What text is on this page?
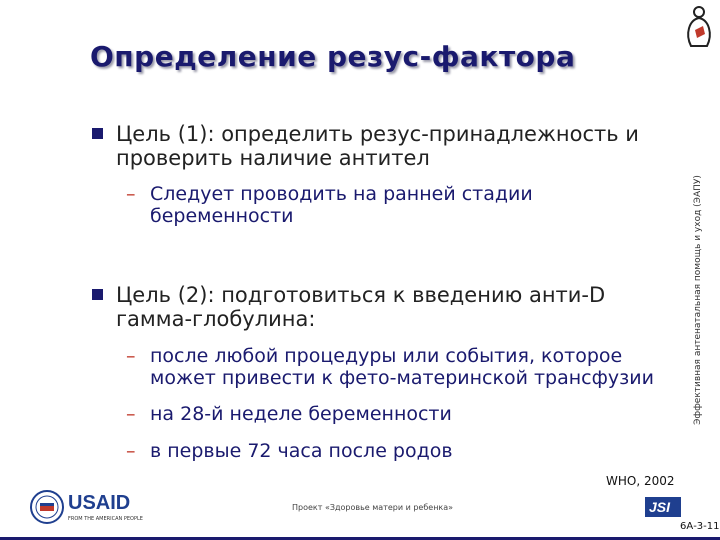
Определение резус-фактора
Цель (1): определить резус-принадлежность и
проверить наличие антител
– Следует проводить на ранней стадии
беременности
Цель (2): подготовиться к введению анти-D
гамма-глобулина:
– после любой процедуры или события, которое
может привести к фето-материнской трансфузии
– на 28-й неделе беременности
– в первые 72 часа после родов
Эффективная антенатальная помощь и уход (ЭАПУ)
WHO, 2002
USAID
FROM THE AMERICAN PEOPLE
Проект «Здоровье матери и ребенка»	JSI
6А-3-11
